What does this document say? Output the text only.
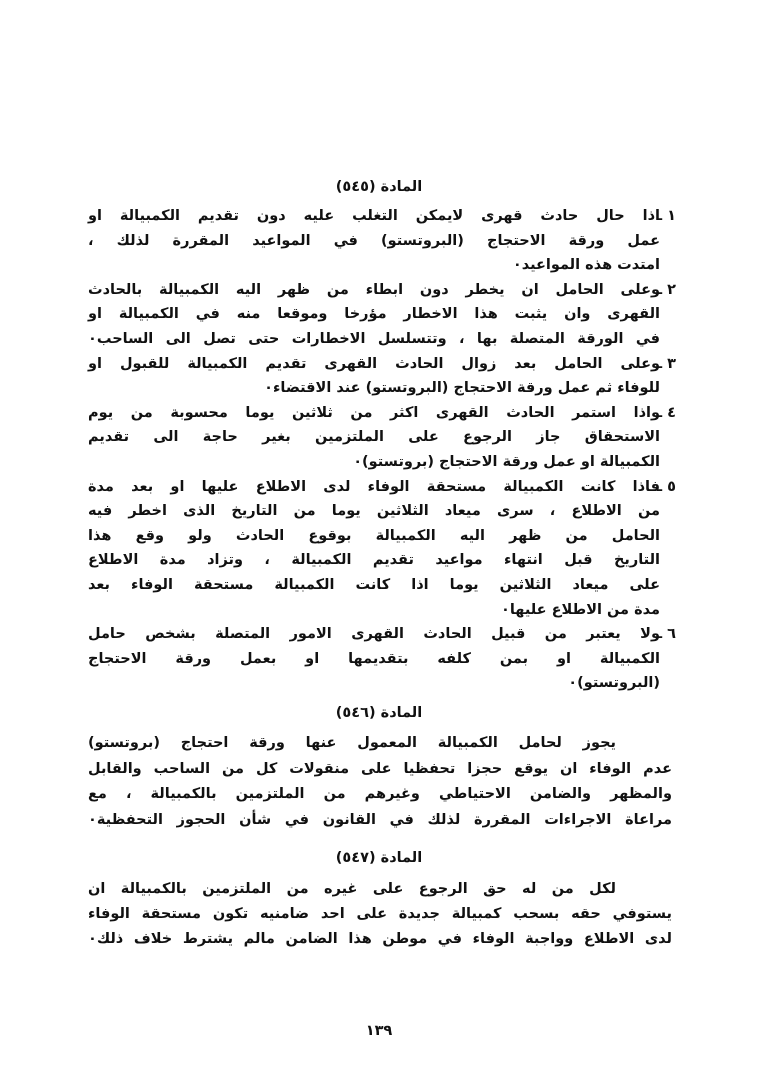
المادة (٥٤٥)
١ ـ
اذا حال حادث قهرى لايمكن التغلب عليه دون تقديم الكمبيالة او
عمل ورقة الاحتجاج (البروتستو) في المواعيد المقررة لذلك ،
امتدت هذه المواعيد٠
٢ ـ
وعلى الحامل ان يخطر دون ابطاء من ظهر اليه الكمبيالة بالحادث
القهرى وان يثبت هذا الاخطار مؤرخا وموقعا منه في الكمبيالة او
في الورقة المتصلة بها ، وتتسلسل الاخطارات حتى تصل الى الساحب٠
٣ ـ
وعلى الحامل بعد زوال الحادث القهرى تقديم الكمبيالة للقبول او
للوفاء ثم عمل ورقة الاحتجاج (البروتستو) عند الاقتضاء٠
٤ ـ
واذا استمر الحادث القهرى اكثر من ثلاثين يوما محسوبة من يوم
الاستحقاق جاز الرجوع على الملتزمين بغير حاجة الى تقديم
الكمبيالة او عمل ورقة الاحتجاج (بروتستو)٠
٥ ـ
فاذا كانت الكمبيالة مستحقة الوفاء لدى الاطلاع عليها او بعد مدة
من الاطلاع ، سرى ميعاد الثلاثين يوما من التاريخ الذى اخطر فيه
الحامل من ظهر اليه الكمبيالة بوقوع الحادث ولو وقع هذا
التاريخ قبل انتهاء مواعيد تقديم الكمبيالة ، وتزاد مدة الاطلاع
على ميعاد الثلاثين يوما اذا كانت الكمبيالة مستحقة الوفاء بعد
مدة من الاطلاع عليها٠
٦ ـ
ولا يعتبر من قبيل الحادث القهرى الامور المتصلة بشخص حامل
الكمبيالة او بمن كلفه بتقديمها او بعمل ورقة الاحتجاج
(البروتستو)٠
المادة (٥٤٦)
يجوز لحامل الكمبيالة المعمول عنها ورقة احتجاج (بروتستو)
عدم الوفاء ان يوقع حجزا تحفظيا على منقولات كل من الساحب والقابل
والمظهر والضامن الاحتياطي وغيرهم من الملتزمين بالكمبيالة ، مع
مراعاة الاجراءات المقررة لذلك في القانون في شأن الحجوز التحفظية٠
المادة (٥٤٧)
لكل من له حق الرجوع على غيره من الملتزمين بالكمبيالة ان
يستوفي حقه بسحب كمبيالة جديدة على احد ضامنيه تكون مستحقة الوفاء
لدى الاطلاع وواجبة الوفاء في موطن هذا الضامن مالم يشترط خلاف ذلك٠
١٣٩
